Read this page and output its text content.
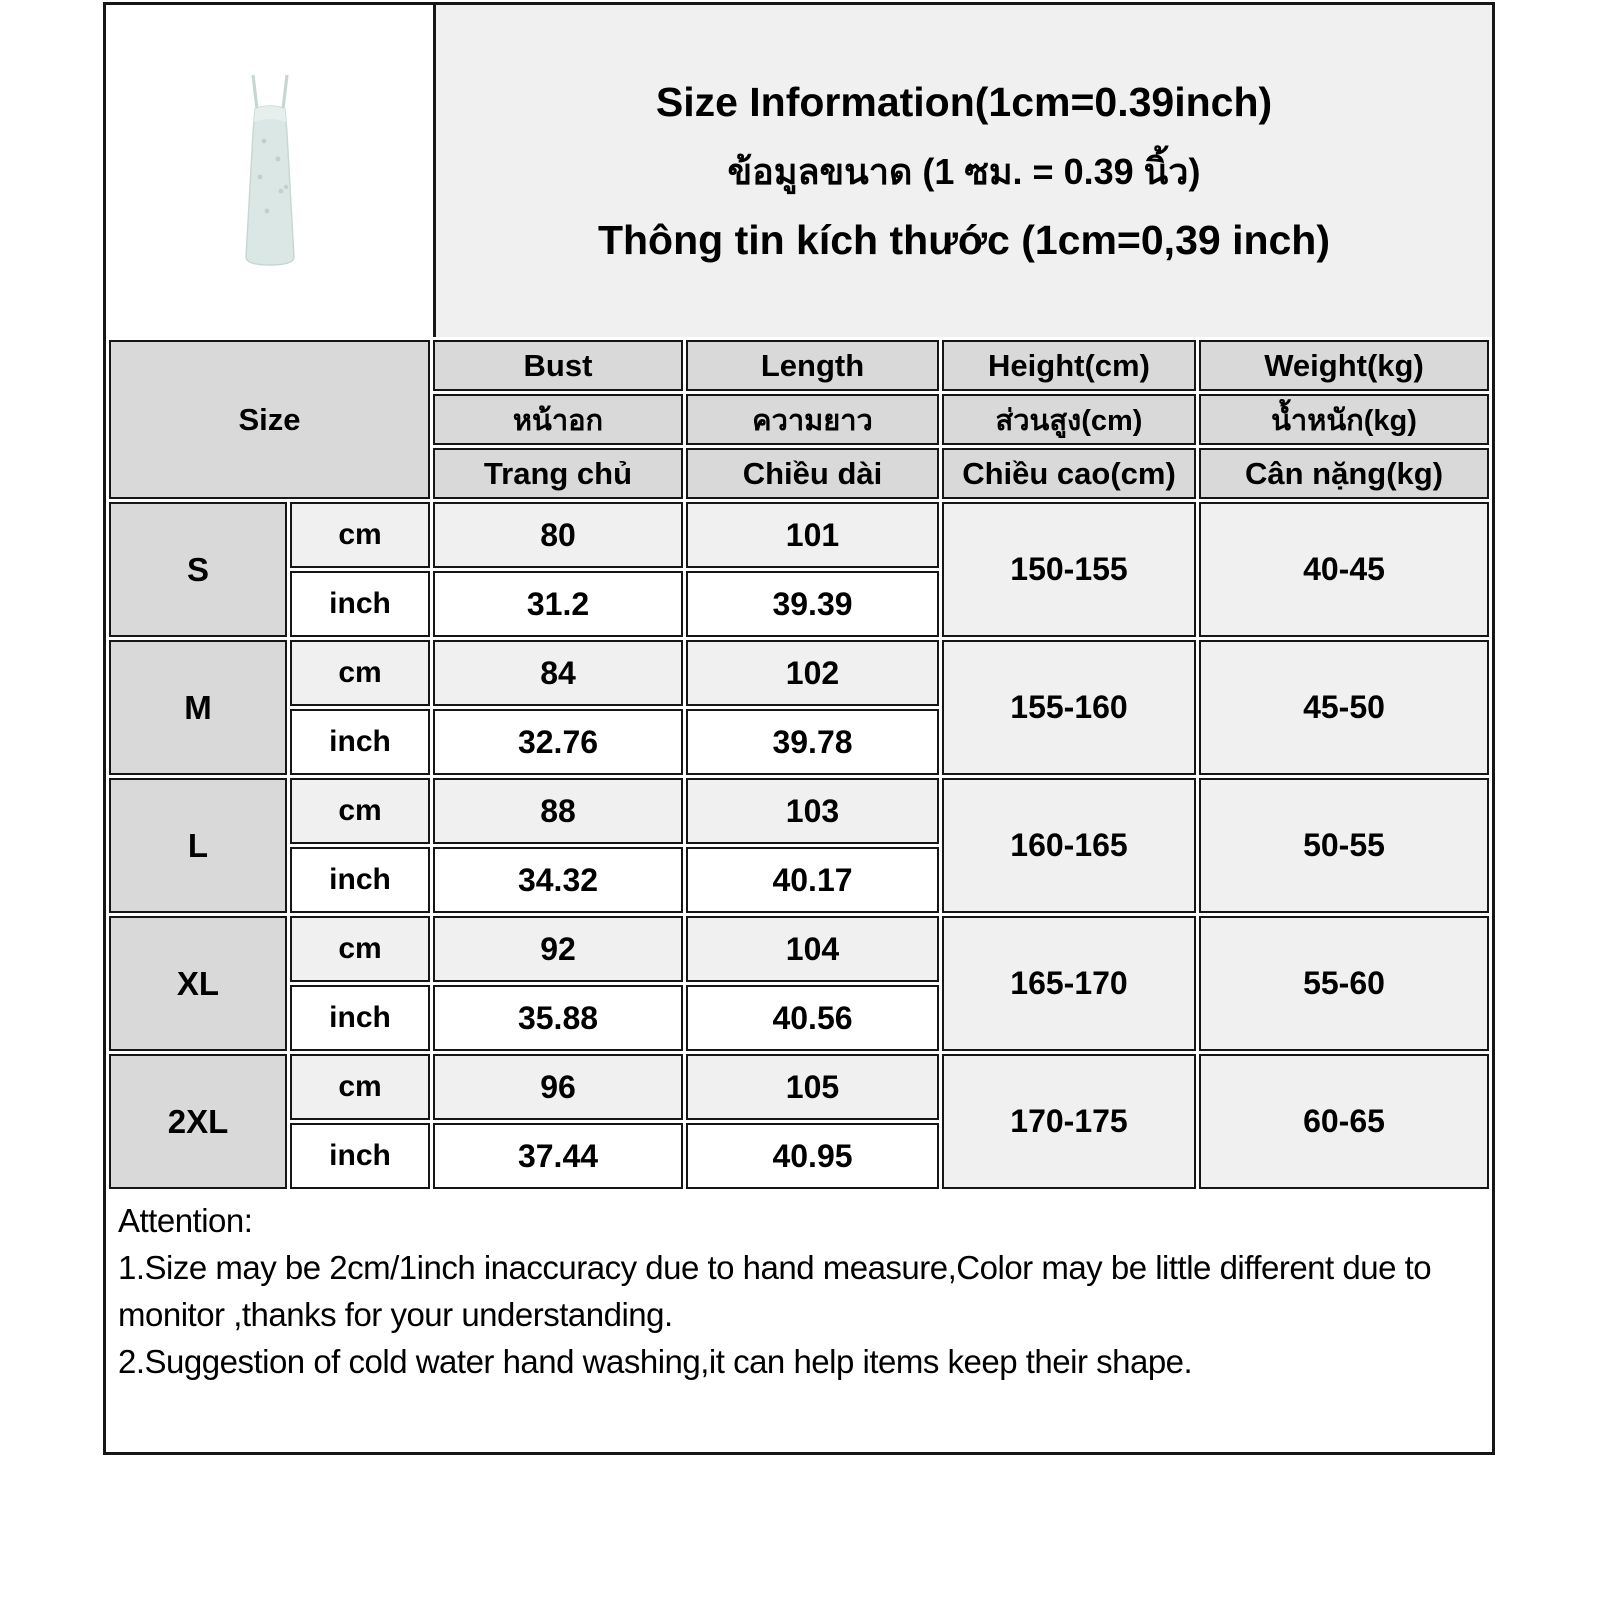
Size Information(1cm=0.39inch)
ข้อมูลขนาด (1 ซม. = 0.39 นิ้ว)
Thông tin kích thước (1cm=0,39 inch)
Size		Bust	Length	Height(cm)	Weight(kg)
		หน้าอก	ความยาว	ส่วนสูง(cm)	น้ำหนัก(kg)
		Trang chủ	Chiều dài	Chiều cao(cm)	Cân nặng(kg)
S	cm	80	101	150-155	40-45
	inch	31.2	39.39		
M	cm	84	102	155-160	45-50
	inch	32.76	39.78		
L	cm	88	103	160-165	50-55
	inch	34.32	40.17		
XL	cm	92	104	165-170	55-60
	inch	35.88	40.56		
2XL	cm	96	105	170-175	60-65
	inch	37.44	40.95		
Attention:
1.Size may be 2cm/1inch inaccuracy due to hand measure,Color may be little different due to monitor ,thanks for your understanding.
2.Suggestion of cold water hand washing,it can help items keep their shape.
